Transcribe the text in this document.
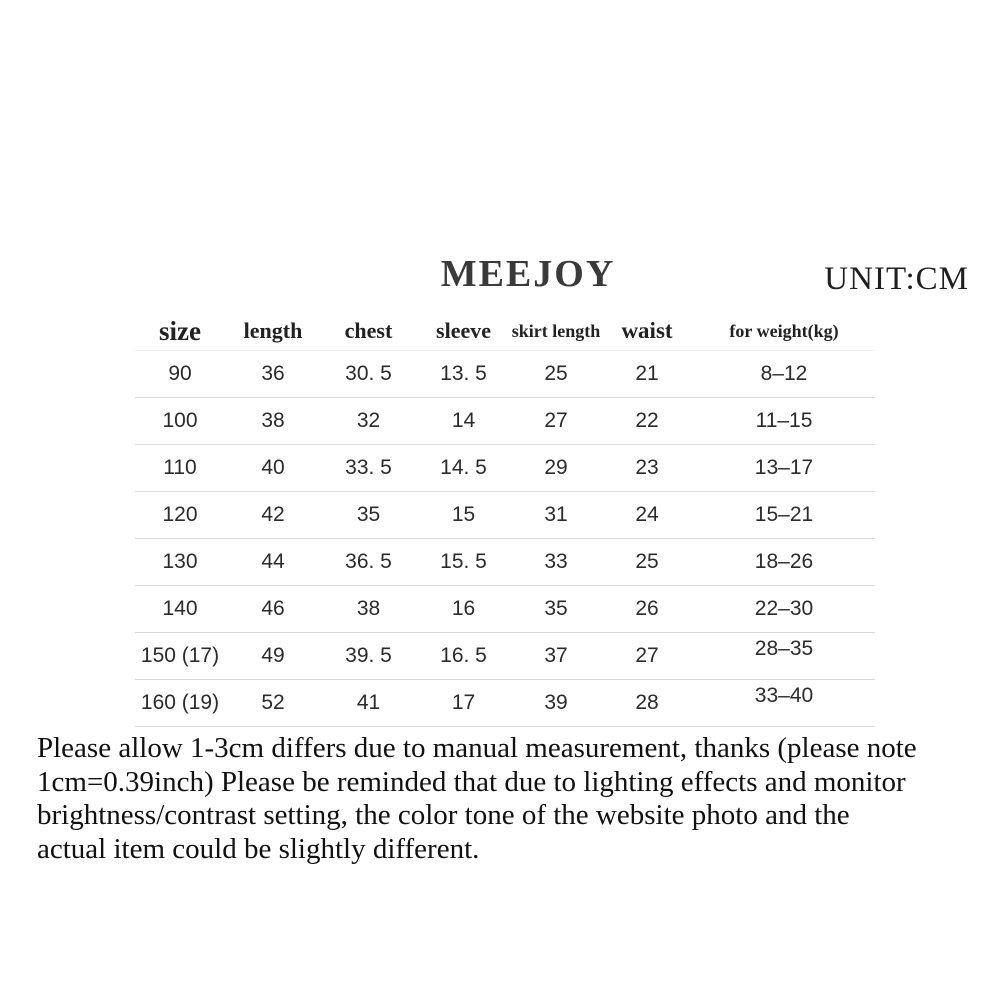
MEEJOY	UNIT:CM
size	length	chest	sleeve	skirt length	waist	for weight(kg)
90	36	30. 5	13. 5	25	21	8–12
100	38	32	14	27	22	11–15
110	40	33. 5	14. 5	29	23	13–17
120	42	35	15	31	24	15–21
130	44	36. 5	15. 5	33	25	18–26
140	46	38	16	35	26	22–30
150 (17)	49	39. 5	16. 5	37	27	28–35
160 (19)	52	41	17	39	28	33–40
Please allow 1-3cm differs due to manual measurement, thanks (please note
1cm=0.39inch) Please be reminded that due to lighting effects and monitor
brightness/contrast setting, the color tone of the website photo and the
actual item could be slightly different.
